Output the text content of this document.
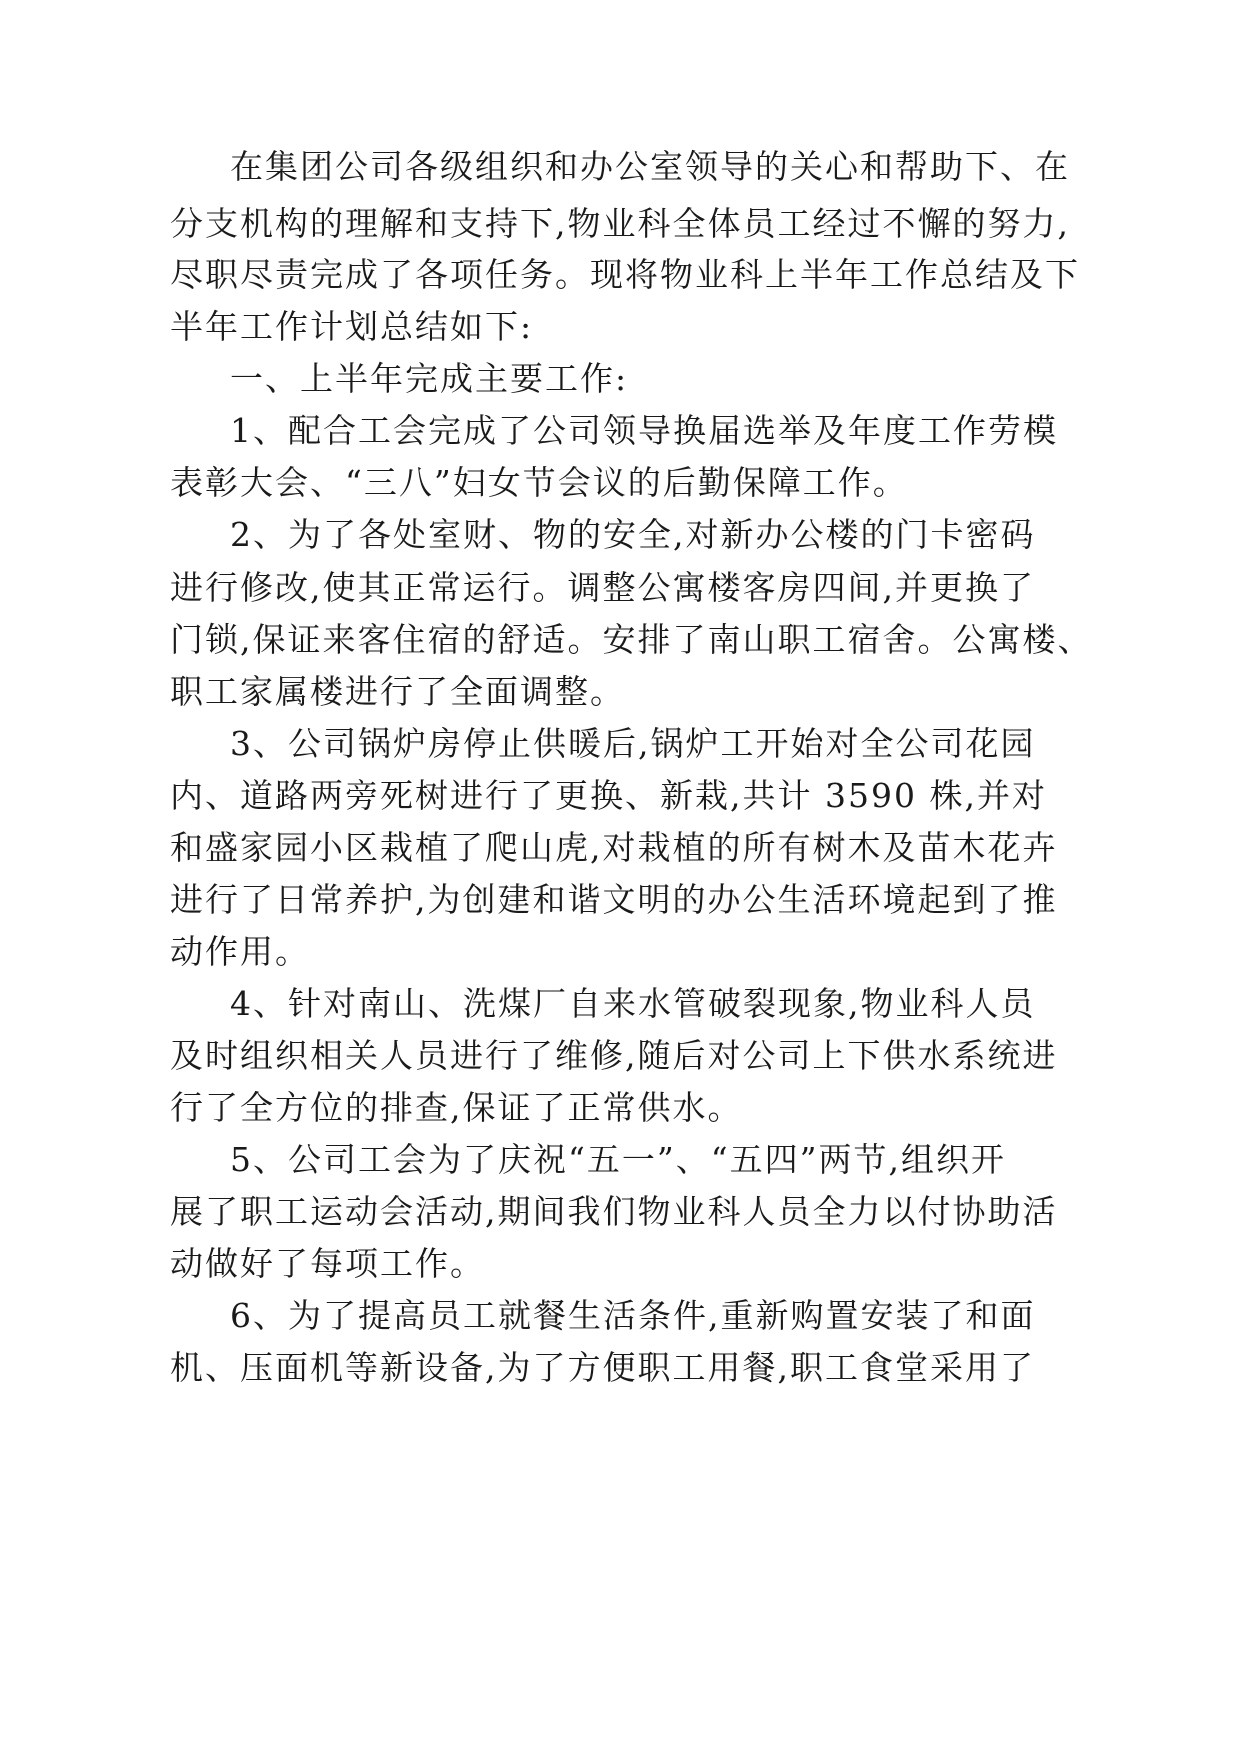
在集团公司各级组织和办公室领导的关心和帮助下、在
分支机构的理解和支持下,物业科全体员工经过不懈的努力,
尽职尽责完成了各项任务。现将物业科上半年工作总结及下
半年工作计划总结如下:
一、上半年完成主要工作:
1、配合工会完成了公司领导换届选举及年度工作劳模
表彰大会、“三八”妇女节会议的后勤保障工作。
2、为了各处室财、物的安全,对新办公楼的门卡密码
进行修改,使其正常运行。调整公寓楼客房四间,并更换了
门锁,保证来客住宿的舒适。安排了南山职工宿舍。公寓楼、
职工家属楼进行了全面调整。
3、公司锅炉房停止供暖后,锅炉工开始对全公司花园
内、道路两旁死树进行了更换、新栽,共计 3590 株,并对
和盛家园小区栽植了爬山虎,对栽植的所有树木及苗木花卉
进行了日常养护,为创建和谐文明的办公生活环境起到了推
动作用。
4、针对南山、洗煤厂自来水管破裂现象,物业科人员
及时组织相关人员进行了维修,随后对公司上下供水系统进
行了全方位的排查,保证了正常供水。
5、公司工会为了庆祝“五一”、“五四”两节,组织开
展了职工运动会活动,期间我们物业科人员全力以付协助活
动做好了每项工作。
6、为了提高员工就餐生活条件,重新购置安装了和面
机、压面机等新设备,为了方便职工用餐,职工食堂采用了
